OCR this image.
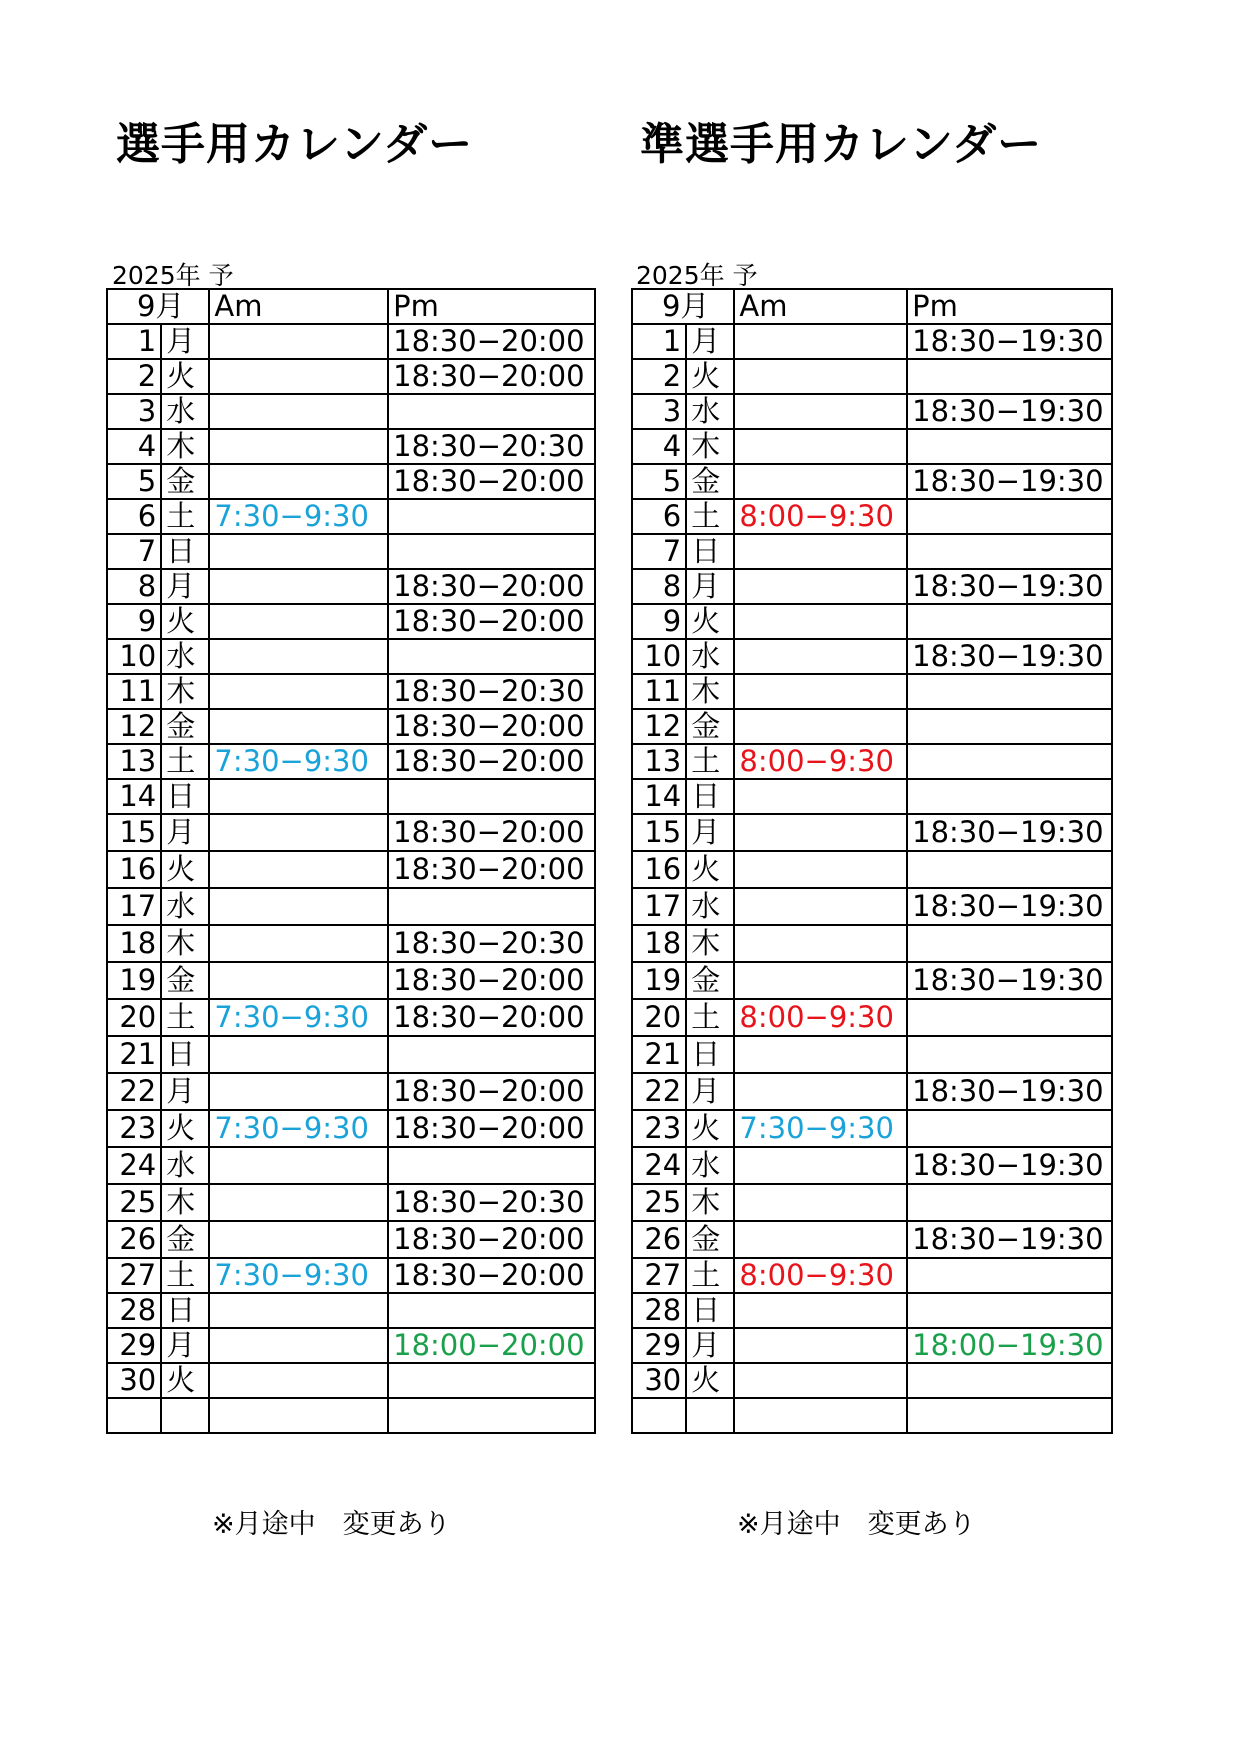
選手用カレンダー
2025年 予
9月		Am	Pm
1	月		18:30−20:00
2	火		18:30−20:00
3	水		
4	木		18:30−20:30
5	金		18:30−20:00
6	土	7:30−9:30	
7	日		
8	月		18:30−20:00
9	火		18:30−20:00
10	水		
11	木		18:30−20:30
12	金		18:30−20:00
13	土	7:30−9:30	18:30−20:00
14	日		
15	月		18:30−20:00
16	火		18:30−20:00
17	水		
18	木		18:30−20:30
19	金		18:30−20:00
20	土	7:30−9:30	18:30−20:00
21	日		
22	月		18:30−20:00
23	火	7:30−9:30	18:30−20:00
24	水		
25	木		18:30−20:30
26	金		18:30−20:00
27	土	7:30−9:30	18:30−20:00
28	日		
29	月		18:00−20:00
30	火		

※月途中　変更あり
準選手用カレンダー
2025年 予
9月		Am	Pm
1	月		18:30−19:30
2	火		
3	水		18:30−19:30
4	木		
5	金		18:30−19:30
6	土	8:00−9:30	
7	日		
8	月		18:30−19:30
9	火		
10	水		18:30−19:30
11	木		
12	金		
13	土	8:00−9:30	
14	日		
15	月		18:30−19:30
16	火		
17	水		18:30−19:30
18	木		
19	金		18:30−19:30
20	土	8:00−9:30	
21	日		
22	月		18:30−19:30
23	火	7:30−9:30	
24	水		18:30−19:30
25	木		
26	金		18:30−19:30
27	土	8:00−9:30	
28	日		
29	月		18:00−19:30
30	火		

※月途中　変更あり
